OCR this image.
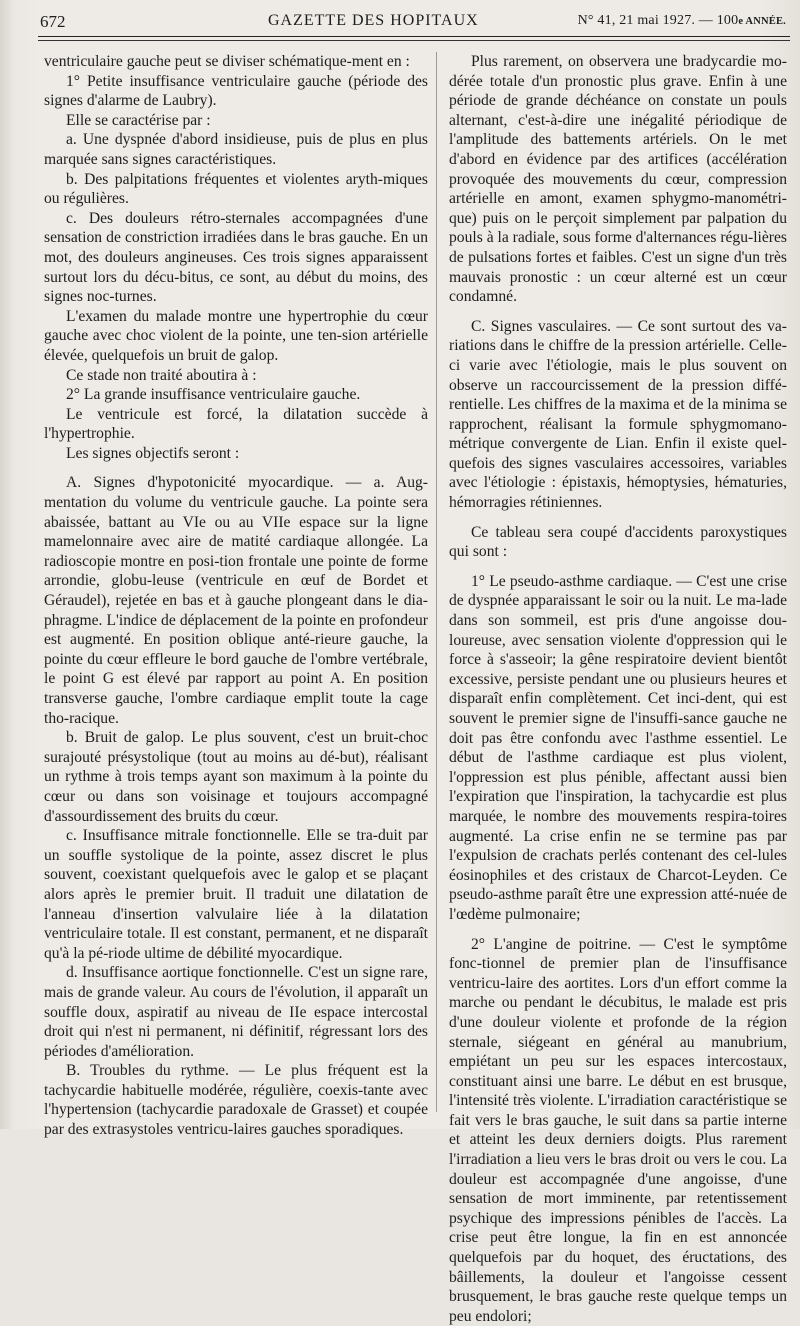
672	GAZETTE DES HOPITAUX	N° 41, 21 mai 1927. — 100e ANNÉE.

ventriculaire gauche peut se diviser schématique-ment en :

1° Petite insuffisance ventriculaire gauche (période des signes d'alarme de Laubry).

Elle se caractérise par :

a. Une dyspnée d'abord insidieuse, puis de plus en plus marquée sans signes caractéristiques.

b. Des palpitations fréquentes et violentes aryth-miques ou régulières.

c. Des douleurs rétro-sternales accompagnées d'une sensation de constriction irradiées dans le bras gauche. En un mot, des douleurs angineuses. Ces trois signes apparaissent surtout lors du décu-bitus, ce sont, au début du moins, des signes noc-turnes.

L'examen du malade montre une hypertrophie du cœur gauche avec choc violent de la pointe, une ten-sion artérielle élevée, quelquefois un bruit de galop.

Ce stade non traité aboutira à :

2° La grande insuffisance ventriculaire gauche.

Le ventricule est forcé, la dilatation succède à l'hypertrophie.

Les signes objectifs seront :

A. Signes d'hypotonicité myocardique. — a. Aug-mentation du volume du ventricule gauche. La pointe sera abaissée, battant au VIe ou au VIIe espace sur la ligne mamelonnaire avec aire de matité cardiaque allongée. La radioscopie montre en posi-tion frontale une pointe de forme arrondie, globu-leuse (ventricule en œuf de Bordet et Géraudel), rejetée en bas et à gauche plongeant dans le dia-phragme. L'indice de déplacement de la pointe en profondeur est augmenté. En position oblique anté-rieure gauche, la pointe du cœur effleure le bord gauche de l'ombre vertébrale, le point G est élevé par rapport au point A. En position transverse gauche, l'ombre cardiaque emplit toute la cage tho-racique.

b. Bruit de galop. Le plus souvent, c'est un bruit-choc surajouté présystolique (tout au moins au dé-but), réalisant un rythme à trois temps ayant son maximum à la pointe du cœur ou dans son voisinage et toujours accompagné d'assourdissement des bruits du cœur.

c. Insuffisance mitrale fonctionnelle. Elle se tra-duit par un souffle systolique de la pointe, assez discret le plus souvent, coexistant quelquefois avec le galop et se plaçant alors après le premier bruit. Il traduit une dilatation de l'anneau d'insertion valvulaire liée à la dilatation ventriculaire totale. Il est constant, permanent, et ne disparaît qu'à la pé-riode ultime de débilité myocardique.

d. Insuffisance aortique fonctionnelle. C'est un signe rare, mais de grande valeur. Au cours de l'évolution, il apparaît un souffle doux, aspiratif au niveau de IIe espace intercostal droit qui n'est ni permanent, ni définitif, régressant lors des périodes d'amélioration.

B. Troubles du rythme. — Le plus fréquent est la tachycardie habituelle modérée, régulière, coexis-tante avec l'hypertension (tachycardie paradoxale de Grasset) et coupée par des extrasystoles ventricu-laires gauches sporadiques.

Plus rarement, on observera une bradycardie mo-dérée totale d'un pronostic plus grave. Enfin à une période de grande déchéance on constate un pouls alternant, c'est-à-dire une inégalité périodique de l'amplitude des battements artériels. On le met d'abord en évidence par des artifices (accélération provoquée des mouvements du cœur, compression artérielle en amont, examen sphygmo-manométri-que) puis on le perçoit simplement par palpation du pouls à la radiale, sous forme d'alternances régu-lières de pulsations fortes et faibles. C'est un signe d'un très mauvais pronostic : un cœur alterné est un cœur condamné.

C. Signes vasculaires. — Ce sont surtout des va-riations dans le chiffre de la pression artérielle. Celle-ci varie avec l'étiologie, mais le plus souvent on observe un raccourcissement de la pression diffé-rentielle. Les chiffres de la maxima et de la minima se rapprochent, réalisant la formule sphygmomano-métrique convergente de Lian. Enfin il existe quel-quefois des signes vasculaires accessoires, variables avec l'étiologie : épistaxis, hémoptysies, hématuries, hémorragies rétiniennes.

Ce tableau sera coupé d'accidents paroxystiques qui sont :

1° Le pseudo-asthme cardiaque. — C'est une crise de dyspnée apparaissant le soir ou la nuit. Le ma-lade dans son sommeil, est pris d'une angoisse dou-loureuse, avec sensation violente d'oppression qui le force à s'asseoir; la gêne respiratoire devient bientôt excessive, persiste pendant une ou plusieurs heures et disparaît enfin complètement. Cet inci-dent, qui est souvent le premier signe de l'insuffi-sance gauche ne doit pas être confondu avec l'asthme essentiel. Le début de l'asthme cardiaque est plus violent, l'oppression est plus pénible, affectant aussi bien l'expiration que l'inspiration, la tachycardie est plus marquée, le nombre des mouvements respira-toires augmenté. La crise enfin ne se termine pas par l'expulsion de crachats perlés contenant des cel-lules éosinophiles et des cristaux de Charcot-Leyden. Ce pseudo-asthme paraît être une expression atté-nuée de l'œdème pulmonaire;

2° L'angine de poitrine. — C'est le symptôme fonc-tionnel de premier plan de l'insuffisance ventricu-laire des aortites. Lors d'un effort comme la marche ou pendant le décubitus, le malade est pris d'une douleur violente et profonde de la région sternale, siégeant en général au manubrium, empiétant un peu sur les espaces intercostaux, constituant ainsi une barre. Le début en est brusque, l'intensité très violente. L'irradiation caractéristique se fait vers le bras gauche, le suit dans sa partie interne et atteint les deux derniers doigts. Plus rarement l'irradiation a lieu vers le bras droit ou vers le cou. La douleur est accompagnée d'une angoisse, d'une sensation de mort imminente, par retentissement psychique des impressions pénibles de l'accès. La crise peut être longue, la fin en est annoncée quelquefois par du hoquet, des éructations, des bâillements, la douleur et l'angoisse cessent brusquement, le bras gauche reste quelque temps un peu endolori;
